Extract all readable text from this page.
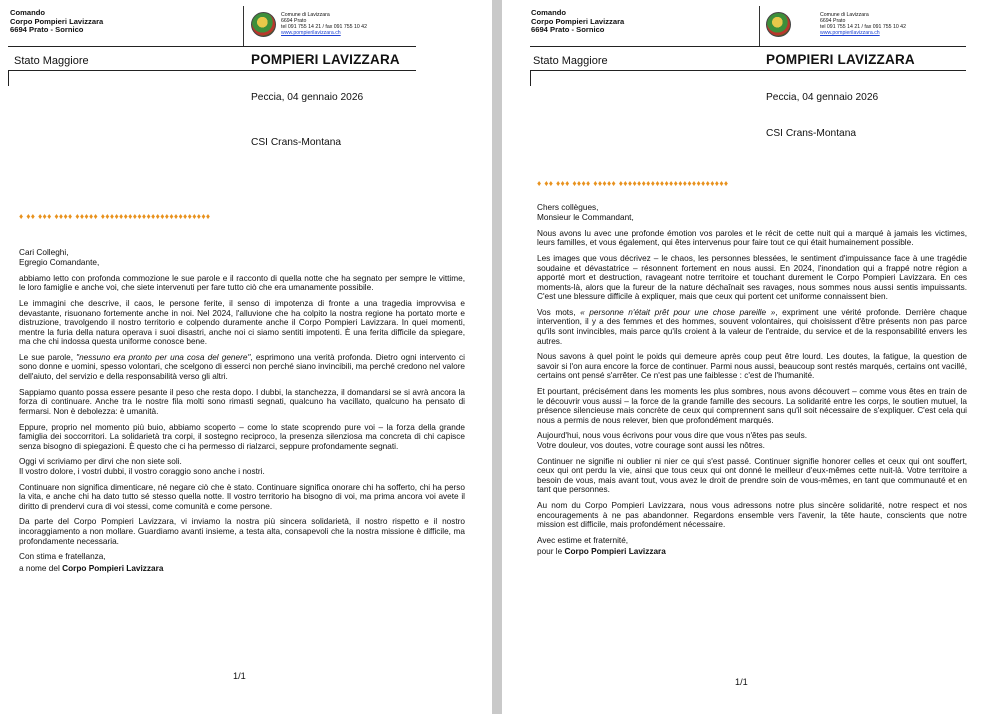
Comando
Corpo Pompieri Lavizzara
6694 Prato - Sornico
Comune di Lavizzara
6694 Prato
tel 091 755 14 21 / fax 091 755 10 42
www.pompierilavizzara.ch
Stato Maggiore	POMPIERI LAVIZZARA
Peccia, 04 gennaio 2026
CSI Crans-Montana
♦ ♦♦ ♦♦♦ ♦♦♦♦ ♦♦♦♦♦ ♦♦♦♦♦♦♦♦♦♦♦♦♦♦♦♦♦♦♦♦♦♦♦♦

Cari Colleghi,
Egregio Comandante,

abbiamo letto con profonda commozione le sue parole e il racconto di quella notte che ha segnato per sempre le vittime, le loro famiglie e anche voi, che siete intervenuti per fare tutto ciò che era umanamente possibile.

Le immagini che descrive, il caos, le persone ferite, il senso di impotenza di fronte a una tragedia improvvisa e devastante, risuonano fortemente anche in noi. Nel 2024, l'alluvione che ha colpito la nostra regione ha portato morte e distruzione, travolgendo il nostro territorio e colpendo duramente anche il Corpo Pompieri Lavizzara. In quei momenti, mentre la furia della natura operava i suoi disastri, anche noi ci siamo sentiti impotenti. È una ferita difficile da spiegare, ma che chi indossa questa uniforme conosce bene.

Le sue parole, "nessuno era pronto per una cosa del genere", esprimono una verità profonda. Dietro ogni intervento ci sono donne e uomini, spesso volontari, che scelgono di esserci non perché siano invincibili, ma perché credono nel valore dell'aiuto, del servizio e della responsabilità verso gli altri.

Sappiamo quanto possa essere pesante il peso che resta dopo. I dubbi, la stanchezza, il domandarsi se si avrà ancora la forza di continuare. Anche tra le nostre fila molti sono rimasti segnati, qualcuno ha vacillato, qualcuno ha pensato di fermarsi. Non è debolezza: è umanità.

Eppure, proprio nel momento più buio, abbiamo scoperto – come lo state scoprendo pure voi – la forza della grande famiglia dei soccorritori. La solidarietà tra corpi, il sostegno reciproco, la presenza silenziosa ma concreta di chi capisce senza bisogno di spiegazioni. È questo che ci ha permesso di rialzarci, seppure profondamente segnati.

Oggi vi scriviamo per dirvi che non siete soli.
Il vostro dolore, i vostri dubbi, il vostro coraggio sono anche i nostri.

Continuare non significa dimenticare, né negare ciò che è stato. Continuare significa onorare chi ha sofferto, chi ha perso la vita, e anche chi ha dato tutto sé stesso quella notte. Il vostro territorio ha bisogno di voi, ma prima ancora voi avete il diritto di prendervi cura di voi stessi, come comunità e come persone.

Da parte del Corpo Pompieri Lavizzara, vi inviamo la nostra più sincera solidarietà, il nostro rispetto e il nostro incoraggiamento a non mollare. Guardiamo avanti insieme, a testa alta, consapevoli che la nostra missione è difficile, ma profondamente necessaria.

Con stima e fratellanza,

a nome del Corpo Pompieri Lavizzara

1/1
Comando
Corpo Pompieri Lavizzara
6694 Prato - Sornico
Comune di Lavizzara
6694 Prato
tel 091 755 14 21 / fax 091 755 10 42
www.pompierilavizzara.ch
Stato Maggiore	POMPIERI LAVIZZARA
Peccia, 04 gennaio 2026
CSI Crans-Montana
♦ ♦♦ ♦♦♦ ♦♦♦♦ ♦♦♦♦♦ ♦♦♦♦♦♦♦♦♦♦♦♦♦♦♦♦♦♦♦♦♦♦♦♦

Chers collègues,
Monsieur le Commandant,

Nous avons lu avec une profonde émotion vos paroles et le récit de cette nuit qui a marqué à jamais les victimes, leurs familles, et vous également, qui êtes intervenus pour faire tout ce qui était humainement possible.

Les images que vous décrivez – le chaos, les personnes blessées, le sentiment d'impuissance face à une tragédie soudaine et dévastatrice – résonnent fortement en nous aussi. En 2024, l'inondation qui a frappé notre région a apporté mort et destruction, ravageant notre territoire et touchant durement le Corpo Pompieri Lavizzara. En ces moments-là, alors que la fureur de la nature déchaînait ses ravages, nous sommes nous aussi sentis impuissants. C'est une blessure difficile à expliquer, mais que ceux qui portent cet uniforme connaissent bien.

Vos mots, « personne n'était prêt pour une chose pareille », expriment une vérité profonde. Derrière chaque intervention, il y a des femmes et des hommes, souvent volontaires, qui choisissent d'être présents non pas parce qu'ils sont invincibles, mais parce qu'ils croient à la valeur de l'entraide, du service et de la responsabilité envers les autres.

Nous savons à quel point le poids qui demeure après coup peut être lourd. Les doutes, la fatigue, la question de savoir si l'on aura encore la force de continuer. Parmi nous aussi, beaucoup sont restés marqués, certains ont vacillé, certains ont pensé s'arrêter. Ce n'est pas une faiblesse : c'est de l'humanité.

Et pourtant, précisément dans les moments les plus sombres, nous avons découvert – comme vous êtes en train de le découvrir vous aussi – la force de la grande famille des secours. La solidarité entre les corps, le soutien mutuel, la présence silencieuse mais concrète de ceux qui comprennent sans qu'il soit nécessaire de s'expliquer. C'est cela qui nous a permis de nous relever, bien que profondément marqués.

Aujourd'hui, nous vous écrivons pour vous dire que vous n'êtes pas seuls.
Votre douleur, vos doutes, votre courage sont aussi les nôtres.

Continuer ne signifie ni oublier ni nier ce qui s'est passé. Continuer signifie honorer celles et ceux qui ont souffert, ceux qui ont perdu la vie, ainsi que tous ceux qui ont donné le meilleur d'eux-mêmes cette nuit-là. Votre territoire a besoin de vous, mais avant tout, vous avez le droit de prendre soin de vous-mêmes, en tant que communauté et en tant que personnes.

Au nom du Corpo Pompieri Lavizzara, nous vous adressons notre plus sincère solidarité, notre respect et nos encouragements à ne pas abandonner. Regardons ensemble vers l'avenir, la tête haute, conscients que notre mission est difficile, mais profondément nécessaire.

Avec estime et fraternité,

pour le Corpo Pompieri Lavizzara

1/1
